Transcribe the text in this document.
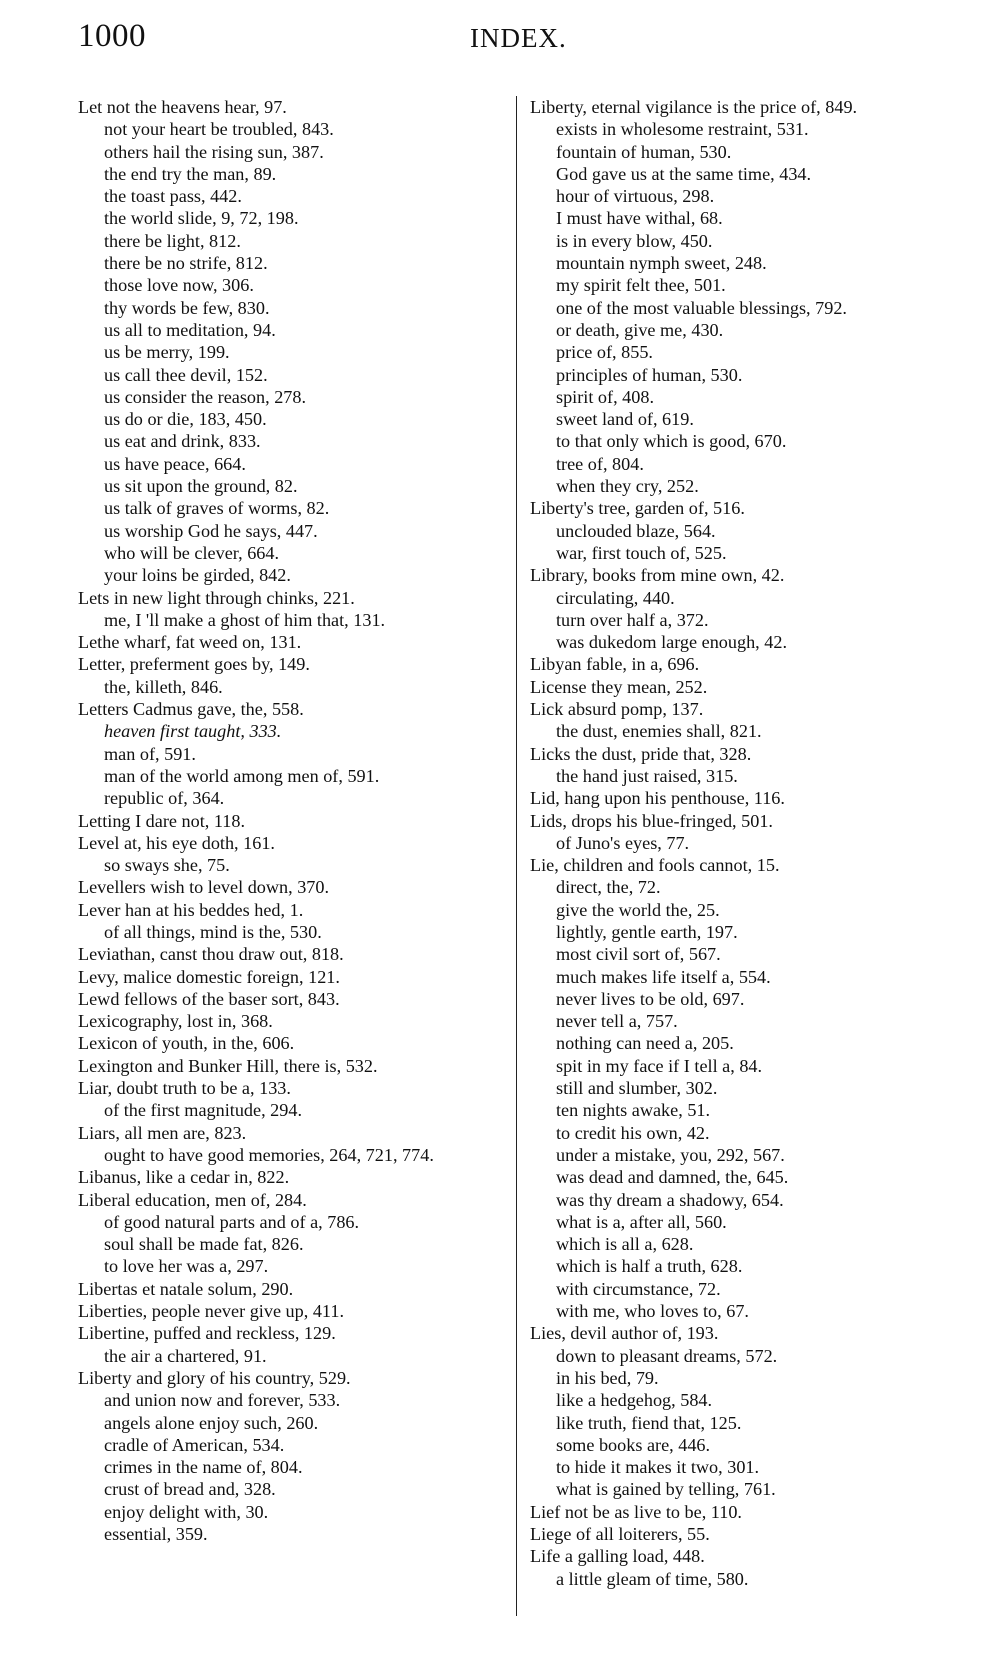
1000	INDEX.
Let not the heavens hear, 97.
not your heart be troubled, 843.
others hail the rising sun, 387.
the end try the man, 89.
the toast pass, 442.
the world slide, 9, 72, 198.
there be light, 812.
there be no strife, 812.
those love now, 306.
thy words be few, 830.
us all to meditation, 94.
us be merry, 199.
us call thee devil, 152.
us consider the reason, 278.
us do or die, 183, 450.
us eat and drink, 833.
us have peace, 664.
us sit upon the ground, 82.
us talk of graves of worms, 82.
us worship God he says, 447.
who will be clever, 664.
your loins be girded, 842.
Lets in new light through chinks, 221.
me, I 'll make a ghost of him that, 131.
Lethe wharf, fat weed on, 131.
Letter, preferment goes by, 149.
the, killeth, 846.
Letters Cadmus gave, the, 558.
heaven first taught, 333.
man of, 591.
man of the world among men of, 591.
republic of, 364.
Letting I dare not, 118.
Level at, his eye doth, 161.
so sways she, 75.
Levellers wish to level down, 370.
Lever han at his beddes hed, 1.
of all things, mind is the, 530.
Leviathan, canst thou draw out, 818.
Levy, malice domestic foreign, 121.
Lewd fellows of the baser sort, 843.
Lexicography, lost in, 368.
Lexicon of youth, in the, 606.
Lexington and Bunker Hill, there is, 532.
Liar, doubt truth to be a, 133.
of the first magnitude, 294.
Liars, all men are, 823.
ought to have good memories, 264, 721, 774.
Libanus, like a cedar in, 822.
Liberal education, men of, 284.
of good natural parts and of a, 786.
soul shall be made fat, 826.
to love her was a, 297.
Libertas et natale solum, 290.
Liberties, people never give up, 411.
Libertine, puffed and reckless, 129.
the air a chartered, 91.
Liberty and glory of his country, 529.
and union now and forever, 533.
angels alone enjoy such, 260.
cradle of American, 534.
crimes in the name of, 804.
crust of bread and, 328.
enjoy delight with, 30.
essential, 359.
Liberty, eternal vigilance is the price of, 849.
exists in wholesome restraint, 531.
fountain of human, 530.
God gave us at the same time, 434.
hour of virtuous, 298.
I must have withal, 68.
is in every blow, 450.
mountain nymph sweet, 248.
my spirit felt thee, 501.
one of the most valuable blessings, 792.
or death, give me, 430.
price of, 855.
principles of human, 530.
spirit of, 408.
sweet land of, 619.
to that only which is good, 670.
tree of, 804.
when they cry, 252.
Liberty's tree, garden of, 516.
unclouded blaze, 564.
war, first touch of, 525.
Library, books from mine own, 42.
circulating, 440.
turn over half a, 372.
was dukedom large enough, 42.
Libyan fable, in a, 696.
License they mean, 252.
Lick absurd pomp, 137.
the dust, enemies shall, 821.
Licks the dust, pride that, 328.
the hand just raised, 315.
Lid, hang upon his penthouse, 116.
Lids, drops his blue-fringed, 501.
of Juno's eyes, 77.
Lie, children and fools cannot, 15.
direct, the, 72.
give the world the, 25.
lightly, gentle earth, 197.
most civil sort of, 567.
much makes life itself a, 554.
never lives to be old, 697.
never tell a, 757.
nothing can need a, 205.
spit in my face if I tell a, 84.
still and slumber, 302.
ten nights awake, 51.
to credit his own, 42.
under a mistake, you, 292, 567.
was dead and damned, the, 645.
was thy dream a shadowy, 654.
what is a, after all, 560.
which is all a, 628.
which is half a truth, 628.
with circumstance, 72.
with me, who loves to, 67.
Lies, devil author of, 193.
down to pleasant dreams, 572.
in his bed, 79.
like a hedgehog, 584.
like truth, fiend that, 125.
some books are, 446.
to hide it makes it two, 301.
what is gained by telling, 761.
Lief not be as live to be, 110.
Liege of all loiterers, 55.
Life a galling load, 448.
a little gleam of time, 580.
